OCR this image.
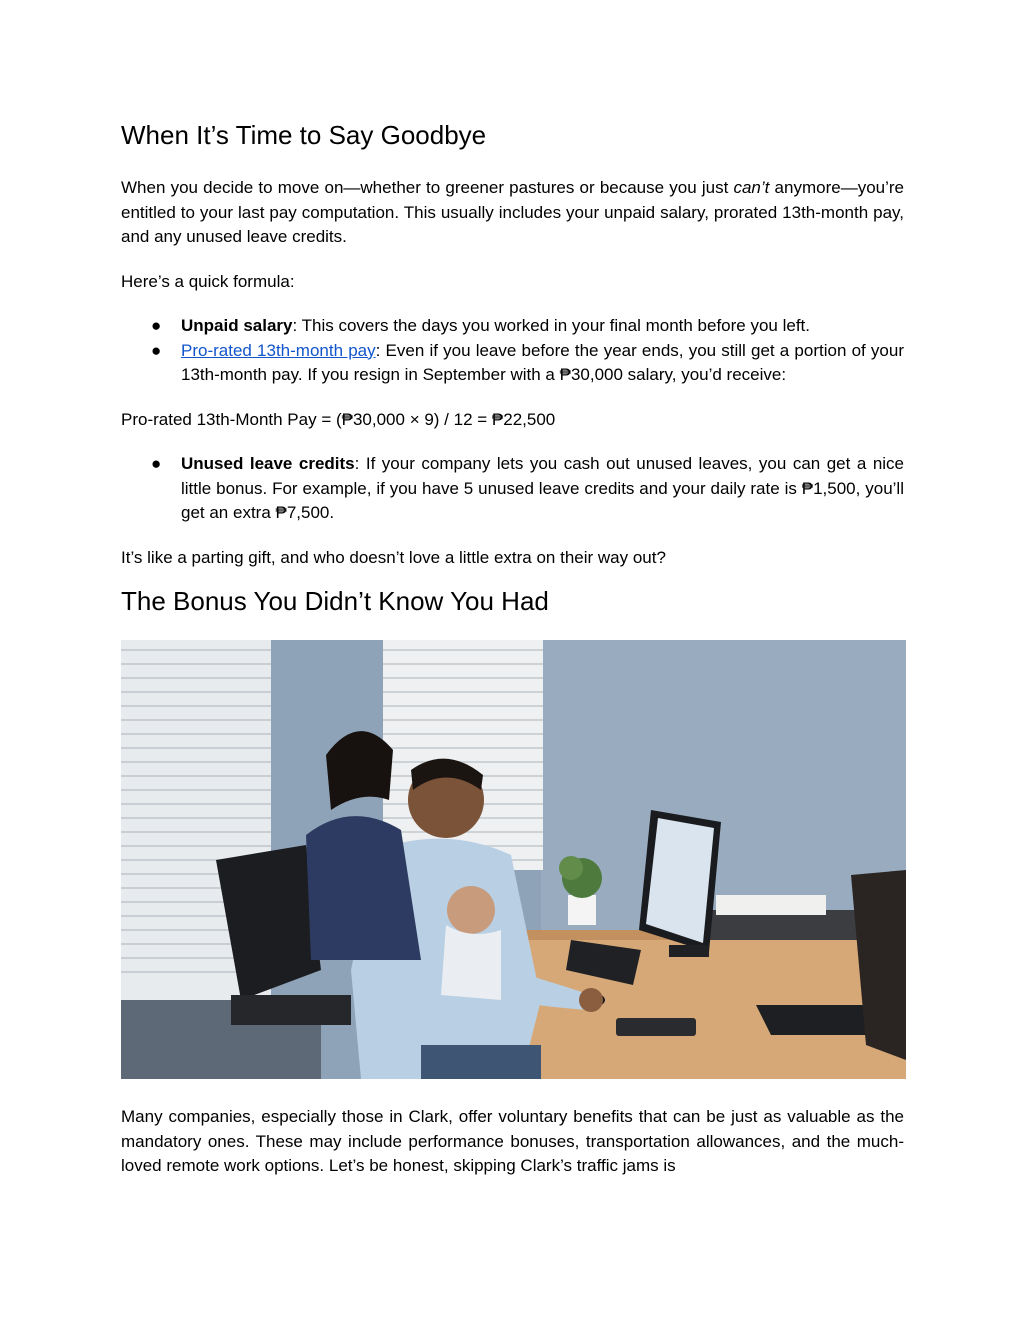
When It’s Time to Say Goodbye

When you decide to move on—whether to greener pastures or because you just can’t anymore—you’re entitled to your last pay computation. This usually includes your unpaid salary, prorated 13th-month pay, and any unused leave credits.

Here’s a quick formula:

●	Unpaid salary: This covers the days you worked in your final month before you left.
●	Pro-rated 13th-month pay: Even if you leave before the year ends, you still get a portion of your 13th-month pay. If you resign in September with a ₱30,000 salary, you’d receive:

Pro-rated 13th-Month Pay = (₱30,000 × 9) / 12 = ₱22,500

●	Unused leave credits: If your company lets you cash out unused leaves, you can get a nice little bonus. For example, if you have 5 unused leave credits and your daily rate is ₱1,500, you’ll get an extra ₱7,500.

It’s like a parting gift, and who doesn’t love a little extra on their way out?

The Bonus You Didn’t Know You Had

Many companies, especially those in Clark, offer voluntary benefits that can be just as valuable as the mandatory ones. These may include performance bonuses, transportation allowances, and the much-loved remote work options. Let’s be honest, skipping Clark’s traffic jams is
